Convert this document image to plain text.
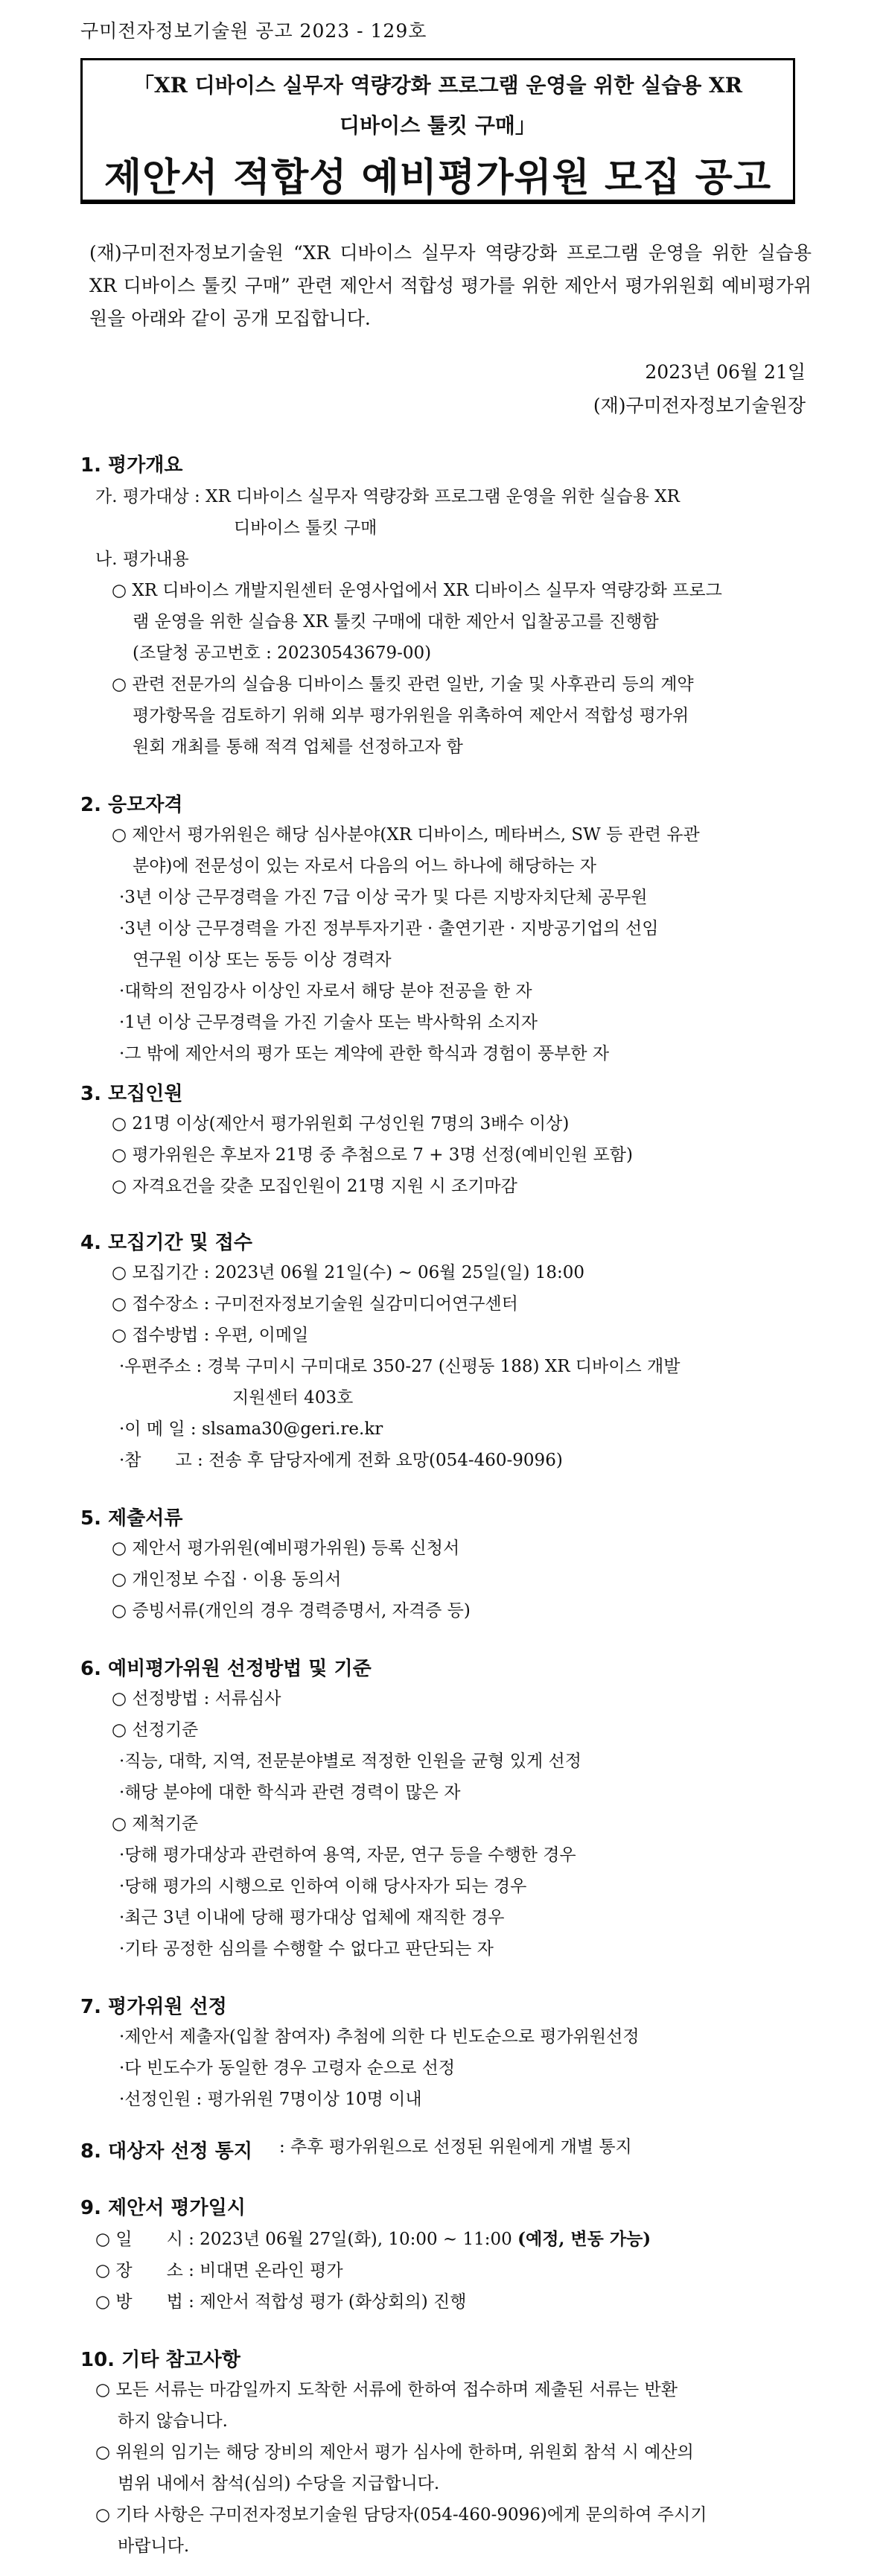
구미전자정보기술원 공고 2023 - 129호
「XR 디바이스 실무자 역량강화 프로그램 운영을 위한 실습용 XR
디바이스 툴킷 구매」
제안서 적합성 예비평가위원 모집 공고
(재)구미전자정보기술원 “XR 디바이스 실무자 역량강화 프로그램 운영을 위한 실습용 XR 디바이스 툴킷 구매” 관련 제안서 적합성 평가를 위한 제안서 평가위원회 예비평가위원을 아래와 같이 공개 모집합니다.
2023년 06월 21일
(재)구미전자정보기술원장
1. 평가개요
가. 평가대상 : XR 디바이스 실무자 역량강화 프로그램 운영을 위한 실습용 XR
디바이스 툴킷 구매
나. 평가내용
○ XR 디바이스 개발지원센터 운영사업에서 XR 디바이스 실무자 역량강화 프로그
램 운영을 위한 실습용 XR 툴킷 구매에 대한 제안서 입찰공고를 진행함
(조달청 공고번호 : 20230543679-00)
○ 관련 전문가의 실습용 디바이스 툴킷 관련 일반, 기술 및 사후관리 등의 계약
평가항목을 검토하기 위해 외부 평가위원을 위촉하여 제안서 적합성 평가위
원회 개최를 통해 적격 업체를 선정하고자 함
2. 응모자격
○ 제안서 평가위원은 해당 심사분야(XR 디바이스, 메타버스, SW 등 관련 유관
분야)에 전문성이 있는 자로서 다음의 어느 하나에 해당하는 자
·3년 이상 근무경력을 가진 7급 이상 국가 및 다른 지방자치단체 공무원
·3년 이상 근무경력을 가진 정부투자기관 · 출연기관 · 지방공기업의 선임
연구원 이상 또는 동등 이상 경력자
·대학의 전임강사 이상인 자로서 해당 분야 전공을 한 자
·1년 이상 근무경력을 가진 기술사 또는 박사학위 소지자
·그 밖에 제안서의 평가 또는 계약에 관한 학식과 경험이 풍부한 자
3. 모집인원
○ 21명 이상(제안서 평가위원회 구성인원 7명의 3배수 이상)
○ 평가위원은 후보자 21명 중 추첨으로 7 + 3명 선정(예비인원 포함)
○ 자격요건을 갖춘 모집인원이 21명 지원 시 조기마감
4. 모집기간 및 접수
○ 모집기간 : 2023년 06월 21일(수) ~ 06월 25일(일) 18:00
○ 접수장소 : 구미전자정보기술원 실감미디어연구센터
○ 접수방법 : 우편, 이메일
·우편주소 : 경북 구미시 구미대로 350-27 (신평동 188) XR 디바이스 개발
지원센터 403호
·이 메 일 : slsama30@geri.re.kr
·참　　고 : 전송 후 담당자에게 전화 요망(054-460-9096)
5. 제출서류
○ 제안서 평가위원(예비평가위원) 등록 신청서
○ 개인정보 수집 · 이용 동의서
○ 증빙서류(개인의 경우 경력증명서, 자격증 등)
6. 예비평가위원 선정방법 및 기준
○ 선정방법 : 서류심사
○ 선정기준
·직능, 대학, 지역, 전문분야별로 적정한 인원을 균형 있게 선정
·해당 분야에 대한 학식과 관련 경력이 많은 자
○ 제척기준
·당해 평가대상과 관련하여 용역, 자문, 연구 등을 수행한 경우
·당해 평가의 시행으로 인하여 이해 당사자가 되는 경우
·최근 3년 이내에 당해 평가대상 업체에 재직한 경우
·기타 공정한 심의를 수행할 수 없다고 판단되는 자
7. 평가위원 선정
·제안서 제출자(입찰 참여자) 추첨에 의한 다 빈도순으로 평가위원선정
·다 빈도수가 동일한 경우 고령자 순으로 선정
·선정인원 : 평가위원 7명이상 10명 이내
8. 대상자 선정 통지 : 추후 평가위원으로 선정된 위원에게 개별 통지
9. 제안서 평가일시
○ 일　　시 : 2023년 06월 27일(화), 10:00 ~ 11:00 (예정, 변동 가능)
○ 장　　소 : 비대면 온라인 평가
○ 방　　법 : 제안서 적합성 평가 (화상회의) 진행
10. 기타 참고사항
○ 모든 서류는 마감일까지 도착한 서류에 한하여 접수하며 제출된 서류는 반환
하지 않습니다.
○ 위원의 임기는 해당 장비의 제안서 평가 심사에 한하며, 위원회 참석 시 예산의
범위 내에서 참석(심의) 수당을 지급합니다.
○ 기타 사항은 구미전자정보기술원 담당자(054-460-9096)에게 문의하여 주시기
바랍니다.
